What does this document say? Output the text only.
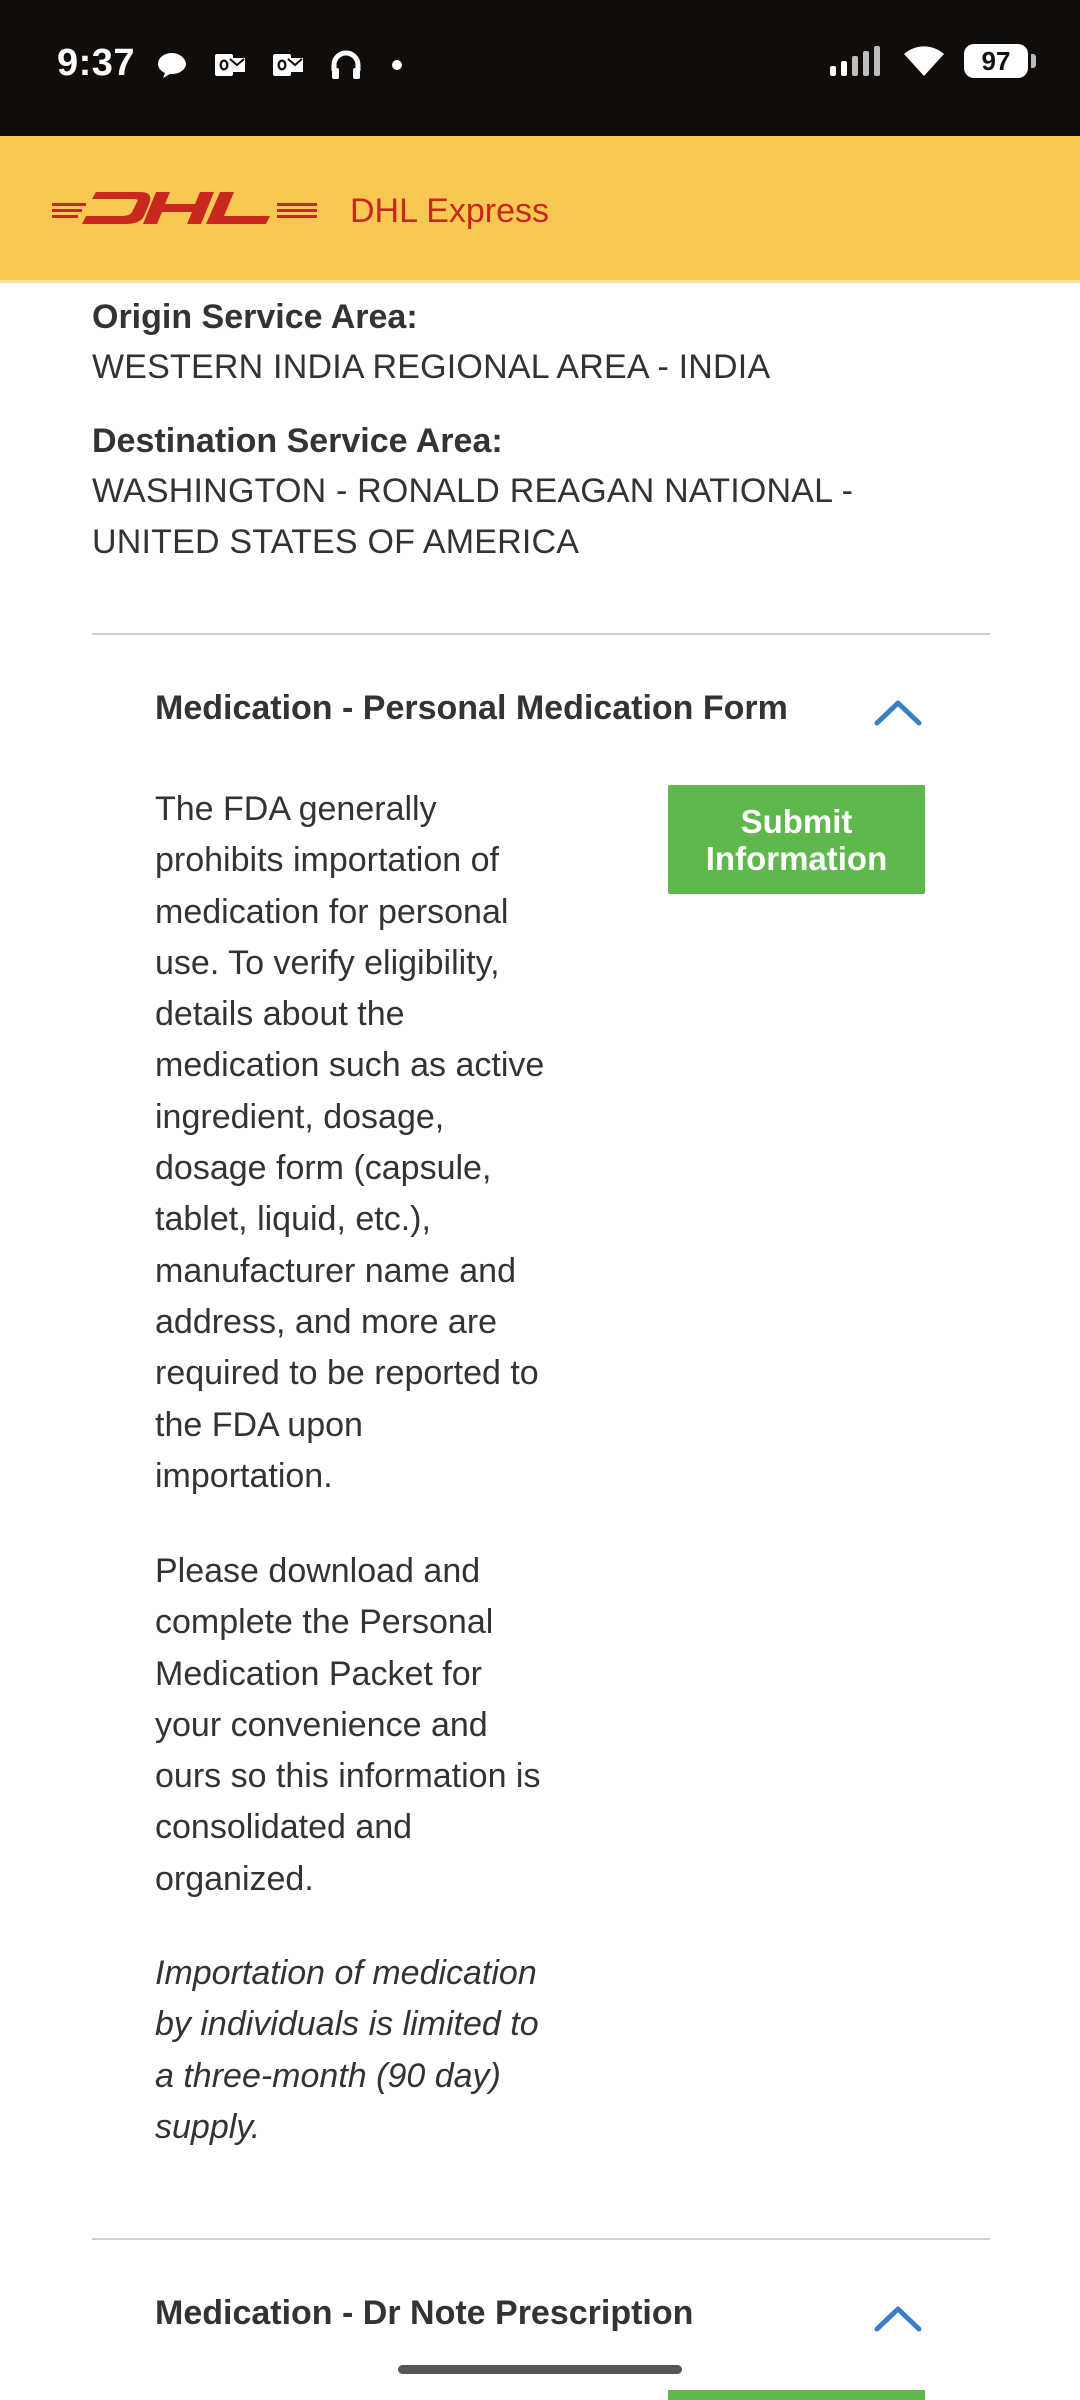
9:37	97
DHL Express

Origin Service Area:

WESTERN INDIA REGIONAL AREA - INDIA

Destination Service Area:

WASHINGTON - RONALD REAGAN NATIONAL -

UNITED STATES OF AMERICA

Medication - Personal Medication Form
Submit
Information
The FDA generally
prohibits importation of
medication for personal
use. To verify eligibility,
details about the
medication such as active
ingredient, dosage,
dosage form (capsule,
tablet, liquid, etc.),
manufacturer name and
address, and more are
required to be reported to
the FDA upon
importation.
Please download and
complete the Personal
Medication Packet for
your convenience and
ours so this information is
consolidated and
organized.
Importation of medication
by individuals is limited to
a three-month (90 day)
supply.
Medication - Dr Note Prescription
